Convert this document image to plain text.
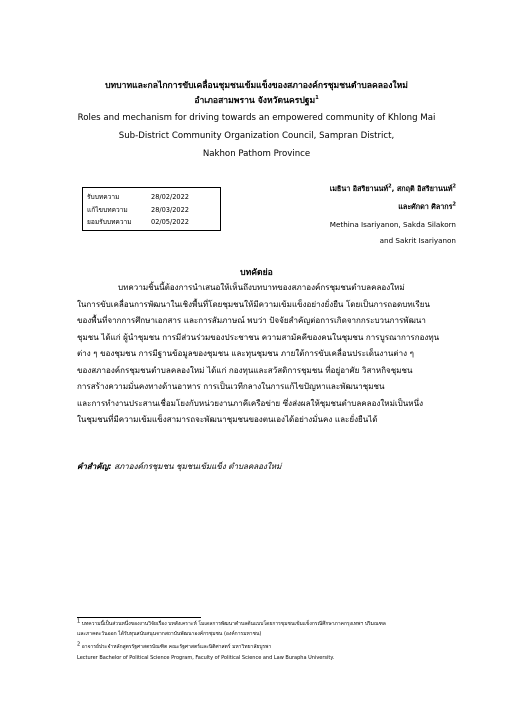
บทบาทและกลไกการขับเคลื่อนชุมชนเข้มแข็งของสภาองค์กรชุมชนตำบลคลองใหม่
อำเภอสามพราน จังหวัดนครปฐม$^1$
Roles and mechanism for driving towards an empowered community of Khlong Mai
Sub-District Community Organization Council, Sampran District,
Nakhon Pathom Province
รับบทความ	28/02/2022
แก้ไขบทความ	28/03/2022
ยอมรับบทความ	02/05/2022
เมธินา อิสริยานนท์$^2$, สกฤติ อิสริยานนท์$^2$
และศักดา ศิลากร$^2$
Methina Isariyanon, Sakda Silakorn
and Sakrit Isariyanon
บทคัดย่อ
บทความชิ้นนี้ต้องการนำเสนอให้เห็นถึงบทบาทของสภาองค์กรชุมชนตำบลคลองใหม่
ในการขับเคลื่อนการพัฒนาในเชิงพื้นที่โดยชุมชนให้มีความเข้มแข็งอย่างยั่งยืน โดยเป็นการถอดบทเรียน
ของพื้นที่จากการศึกษาเอกสาร และการสัมภาษณ์ พบว่า ปัจจัยสำคัญต่อการเกิดจากกระบวนการพัฒนา
ชุมชน ได้แก่ ผู้นำชุมชน การมีส่วนร่วมของประชาชน ความสามัคคีของคนในชุมชน การบูรณาการกองทุน
ต่าง ๆ ของชุมชน การมีฐานข้อมูลของชุมชน และทุนชุมชน ภายใต้การขับเคลื่อนประเด็นงานต่าง ๆ
ของสภาองค์กรชุมชนตำบลคลองใหม่ ได้แก่ กองทุนและสวัสดิการชุมชน ที่อยู่อาศัย วิสาหกิจชุมชน
การสร้างความมั่นคงทางด้านอาหาร การเป็นเวทีกลางในการแก้ไขปัญหาและพัฒนาชุมชน
และการทำงานประสานเชื่อมโยงกับหน่วยงานภาคีเครือข่าย ซึ่งส่งผลให้ชุมชนตำบลคลองใหม่เป็นหนึ่ง
ในชุมชนที่มีความเข้มแข็งสามารถจะพัฒนาชุมชนของตนเองได้อย่างมั่นคง และยั่งยืนได้
คำสำคัญ: สภาองค์กรชุมชน ชุมชนเข้มแข็ง ตำบลคลองใหม่
$^1$ บทความนี้เป็นส่วนหนึ่งของงานวิจัยเรื่อง บทสังเคราะห์ โมเดลการพัฒนาตำบลต้นแบบโดยการขุมชนเข้มแข็งกรณีศึกษาภาคกรุงเทพฯ ปริมณฑล
และภาคตะวันออก ได้รับทุนสนับสนุนจากสถาบันพัฒนาองค์กรชุมชน (องค์การมหาชน)
$^2$ อาจารย์ประจำหลักสูตรรัฐศาสตรบัณฑิต คณะรัฐศาสตร์และนิติศาสตร์ มหาวิทยาลัยบูรพา
Lecturer Bachelor of Political Science Program, Faculty of Political Science and Law Burapha University.
